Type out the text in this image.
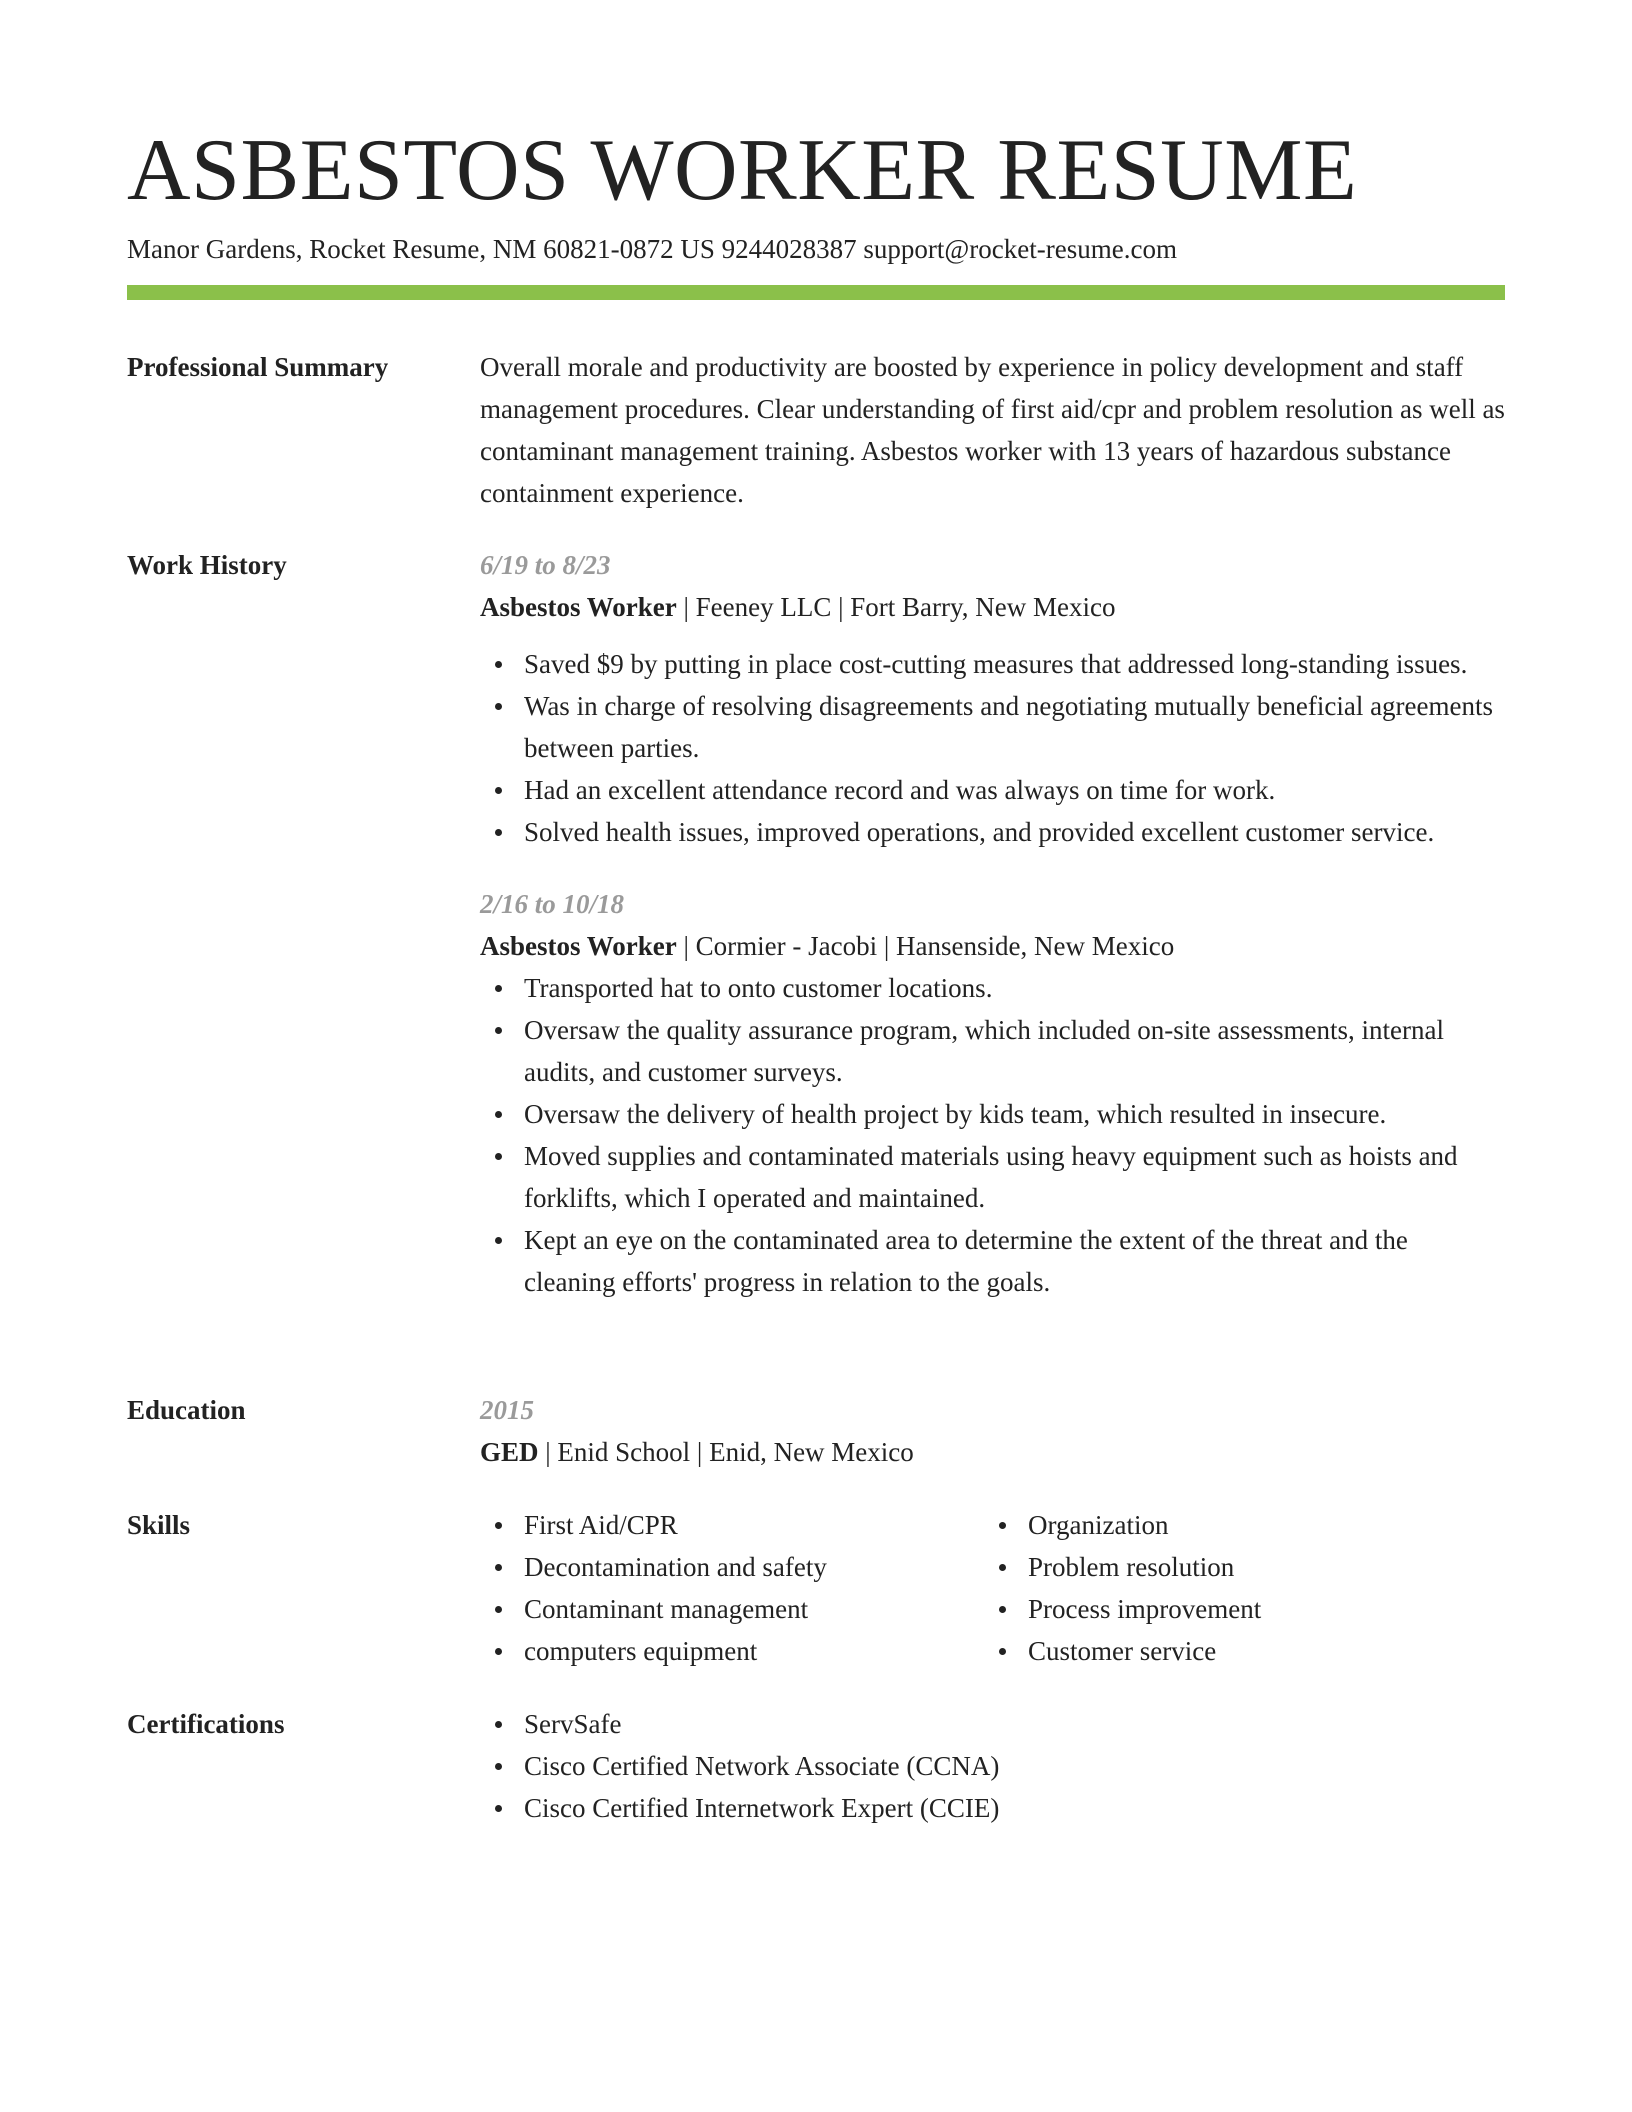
ASBESTOS WORKER RESUME
Manor Gardens, Rocket Resume, NM 60821-0872 US 9244028387 support@rocket-resume.com
Professional Summary	Overall morale and productivity are boosted by experience in policy development and staff management procedures. Clear understanding of first aid/cpr and problem resolution as well as contaminant management training. Asbestos worker with 13 years of hazardous substance containment experience.

Work History	6/19 to 8/23
Asbestos Worker | Feeney LLC | Fort Barry, New Mexico
Saved $9 by putting in place cost-cutting measures that addressed long-standing issues.
Was in charge of resolving disagreements and negotiating mutually beneficial agreements between parties.
Had an excellent attendance record and was always on time for work.
Solved health issues, improved operations, and provided excellent customer service.
2/16 to 10/18
Asbestos Worker | Cormier - Jacobi | Hansenside, New Mexico
Transported hat to onto customer locations.
Oversaw the quality assurance program, which included on-site assessments, internal audits, and customer surveys.
Oversaw the delivery of health project by kids team, which resulted in insecure.
Moved supplies and contaminated materials using heavy equipment such as hoists and forklifts, which I operated and maintained.
Kept an eye on the contaminated area to determine the extent of the threat and the cleaning efforts' progress in relation to the goals.
Education	2015
GED | Enid School | Enid, New Mexico
Skills	First Aid/CPR
Decontamination and safety
Contaminant management
computers equipment
Organization
Problem resolution
Process improvement
Customer service
Certifications	ServSafe
Cisco Certified Network Associate (CCNA)
Cisco Certified Internetwork Expert (CCIE)
